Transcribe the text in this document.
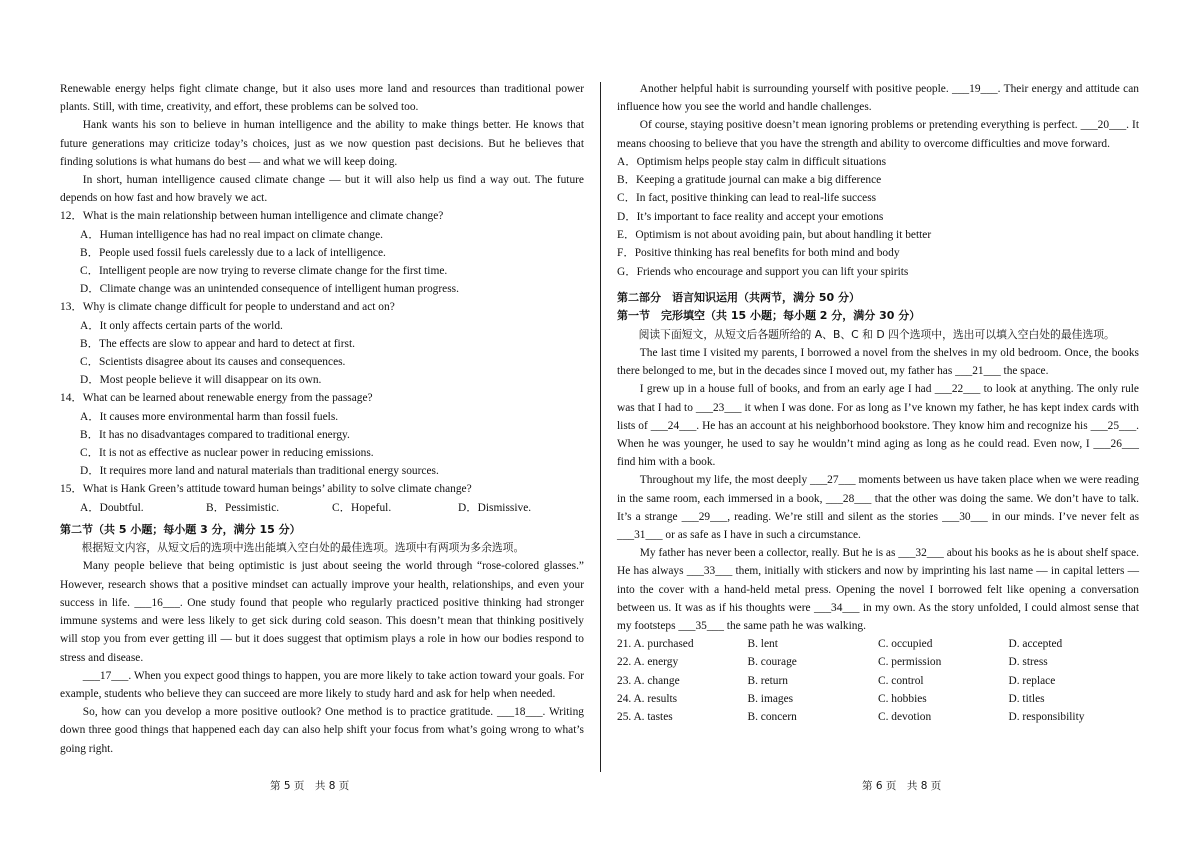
Renewable energy helps fight climate change, but it also uses more land and resources than traditional power plants. Still, with time, creativity, and effort, these problems can be solved too.

Hank wants his son to believe in human intelligence and the ability to make things better. He knows that future generations may criticize today’s choices, just as we now question past decisions. But he believes that finding solutions is what humans do best — and what we will keep doing.

In short, human intelligence caused climate change — but it will also help us find a way out. The future depends on how fast and how bravely we act.

12．What is the main relationship between human intelligence and climate change?

A．Human intelligence has had no real impact on climate change.

B．People used fossil fuels carelessly due to a lack of intelligence.

C．Intelligent people are now trying to reverse climate change for the first time.

D．Climate change was an unintended consequence of intelligent human progress.

13．Why is climate change difficult for people to understand and act on?

A．It only affects certain parts of the world.

B．The effects are slow to appear and hard to detect at first.

C．Scientists disagree about its causes and consequences.

D．Most people believe it will disappear on its own.

14．What can be learned about renewable energy from the passage?

A．It causes more environmental harm than fossil fuels.

B．It has no disadvantages compared to traditional energy.

C．It is not as effective as nuclear power in reducing emissions.

D．It requires more land and natural materials than traditional energy sources.

15．What is Hank Green’s attitude toward human beings’ ability to solve climate change?

A．Doubtful.	B．Pessimistic.	C．Hopeful.	D．Dismissive.

第二节（共 5 小题；每小题 3 分，满分 15 分）

根据短文内容，从短文后的选项中选出能填入空白处的最佳选项。选项中有两项为多余选项。

Many people believe that being optimistic is just about seeing the world through “rose-colored glasses.” However, research shows that a positive mindset can actually improve your health, relationships, and even your success in life. ___16___. One study found that people who regularly practiced positive thinking had stronger immune systems and were less likely to get sick during cold season. This doesn’t mean that thinking positively will stop you from ever getting ill — but it does suggest that optimism plays a role in how our bodies respond to stress and disease.

___17___. When you expect good things to happen, you are more likely to take action toward your goals. For example, students who believe they can succeed are more likely to study hard and ask for help when needed.

So, how can you develop a more positive outlook? One method is to practice gratitude. ___18___. Writing down three good things that happened each day can also help shift your focus from what’s going wrong to what’s going right.

Another helpful habit is surrounding yourself with positive people. ___19___. Their energy and attitude can influence how you see the world and handle challenges.

Of course, staying positive doesn’t mean ignoring problems or pretending everything is perfect. ___20___. It means choosing to believe that you have the strength and ability to overcome difficulties and move forward.

A．Optimism helps people stay calm in difficult situations

B．Keeping a gratitude journal can make a big difference

C．In fact, positive thinking can lead to real-life success

D．It’s important to face reality and accept your emotions

E．Optimism is not about avoiding pain, but about handling it better

F．Positive thinking has real benefits for both mind and body

G．Friends who encourage and support you can lift your spirits

第二部分　语言知识运用（共两节，满分 50 分）

第一节　完形填空（共 15 小题；每小题 2 分，满分 30 分）

阅读下面短文，从短文后各题所给的 A、B、C 和 D 四个选项中，选出可以填入空白处的最佳选项。

The last time I visited my parents, I borrowed a novel from the shelves in my old bedroom. Once, the books there belonged to me, but in the decades since I moved out, my father has ___21___ the space.

I grew up in a house full of books, and from an early age I had ___22___ to look at anything. The only rule was that I had to ___23___ it when I was done. For as long as I’ve known my father, he has kept index cards with lists of ___24___. He has an account at his neighborhood bookstore. They know him and recognize his ___25___. When he was younger, he used to say he wouldn’t mind aging as long as he could read. Even now, I ___26___ find him with a book.

Throughout my life, the most deeply ___27___ moments between us have taken place when we were reading in the same room, each immersed in a book, ___28___ that the other was doing the same. We don’t have to talk. It’s a strange ___29___, reading. We’re still and silent as the stories ___30___ in our minds. I’ve never felt as ___31___ or as safe as I have in such a circumstance.

My father has never been a collector, really. But he is as ___32___ about his books as he is about shelf space. He has always ___33___ them, initially with stickers and now by imprinting his last name — in capital letters — into the cover with a hand-held metal press. Opening the novel I borrowed felt like opening a conversation between us. It was as if his thoughts were ___34___ in my own. As the story unfolded, I could almost sense that my footsteps ___35___ the same path he was walking.

21. A. purchased	B. lent	C. occupied	D. accepted
22. A. energy	B. courage	C. permission	D. stress
23. A. change	B. return	C. control	D. replace
24. A. results	B. images	C. hobbies	D. titles
25. A. tastes	B. concern	C. devotion	D. responsibility
第 5 页　共 8 页	第 6 页　共 8 页
